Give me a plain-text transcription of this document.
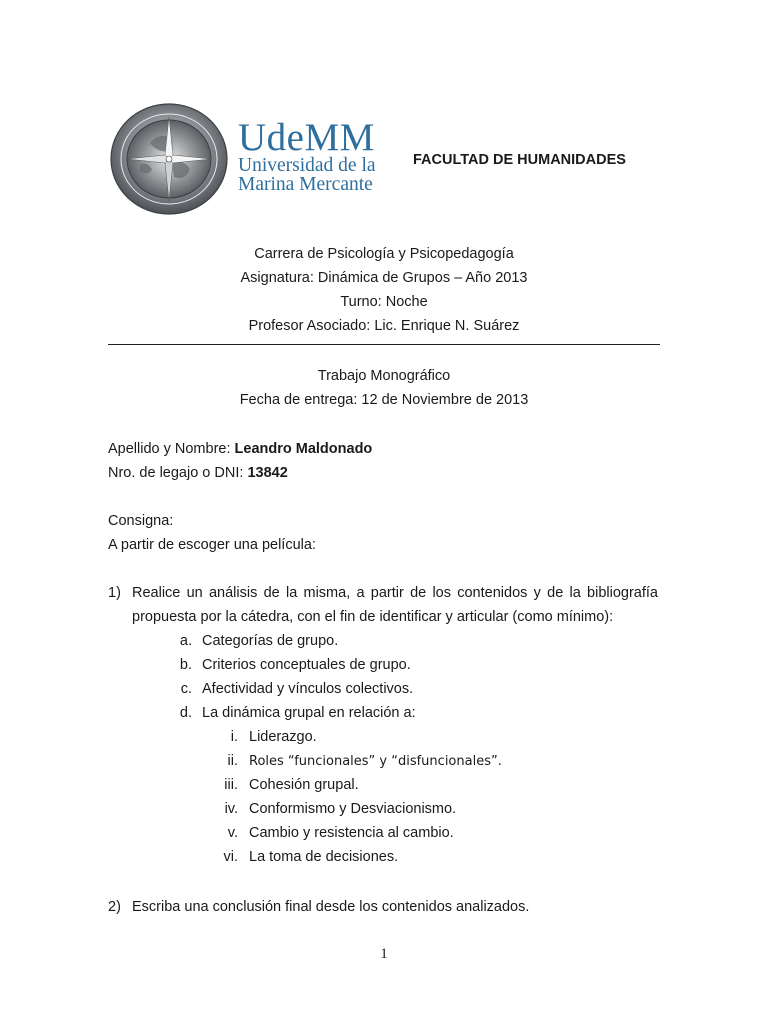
UdeMM
Universidad de la
Marina Mercante
FACULTAD DE HUMANIDADES
Carrera de Psicología y Psicopedagogía
Asignatura: Dinámica de Grupos – Año 2013
Turno: Noche
Profesor Asociado: Lic. Enrique N. Suárez
Trabajo Monográfico
Fecha de entrega: 12 de Noviembre de 2013
Apellido y Nombre: Leandro Maldonado
Nro. de legajo o DNI: 13842
Consigna:
A partir de escoger una película:
1) Realice un análisis de la misma, a partir de los contenidos y de la bibliografía
propuesta por la cátedra, con el fin de identificar y articular (como mínimo):
a. Categorías de grupo.
b. Criterios conceptuales de grupo.
c. Afectividad y vínculos colectivos.
d. La dinámica grupal en relación a:
i. Liderazgo.
ii. Roles “funcionales” y “disfuncionales”.
iii. Cohesión grupal.
iv. Conformismo y Desviacionismo.
v. Cambio y resistencia al cambio.
vi. La toma de decisiones.
2) Escriba una conclusión final desde los contenidos analizados.
1
